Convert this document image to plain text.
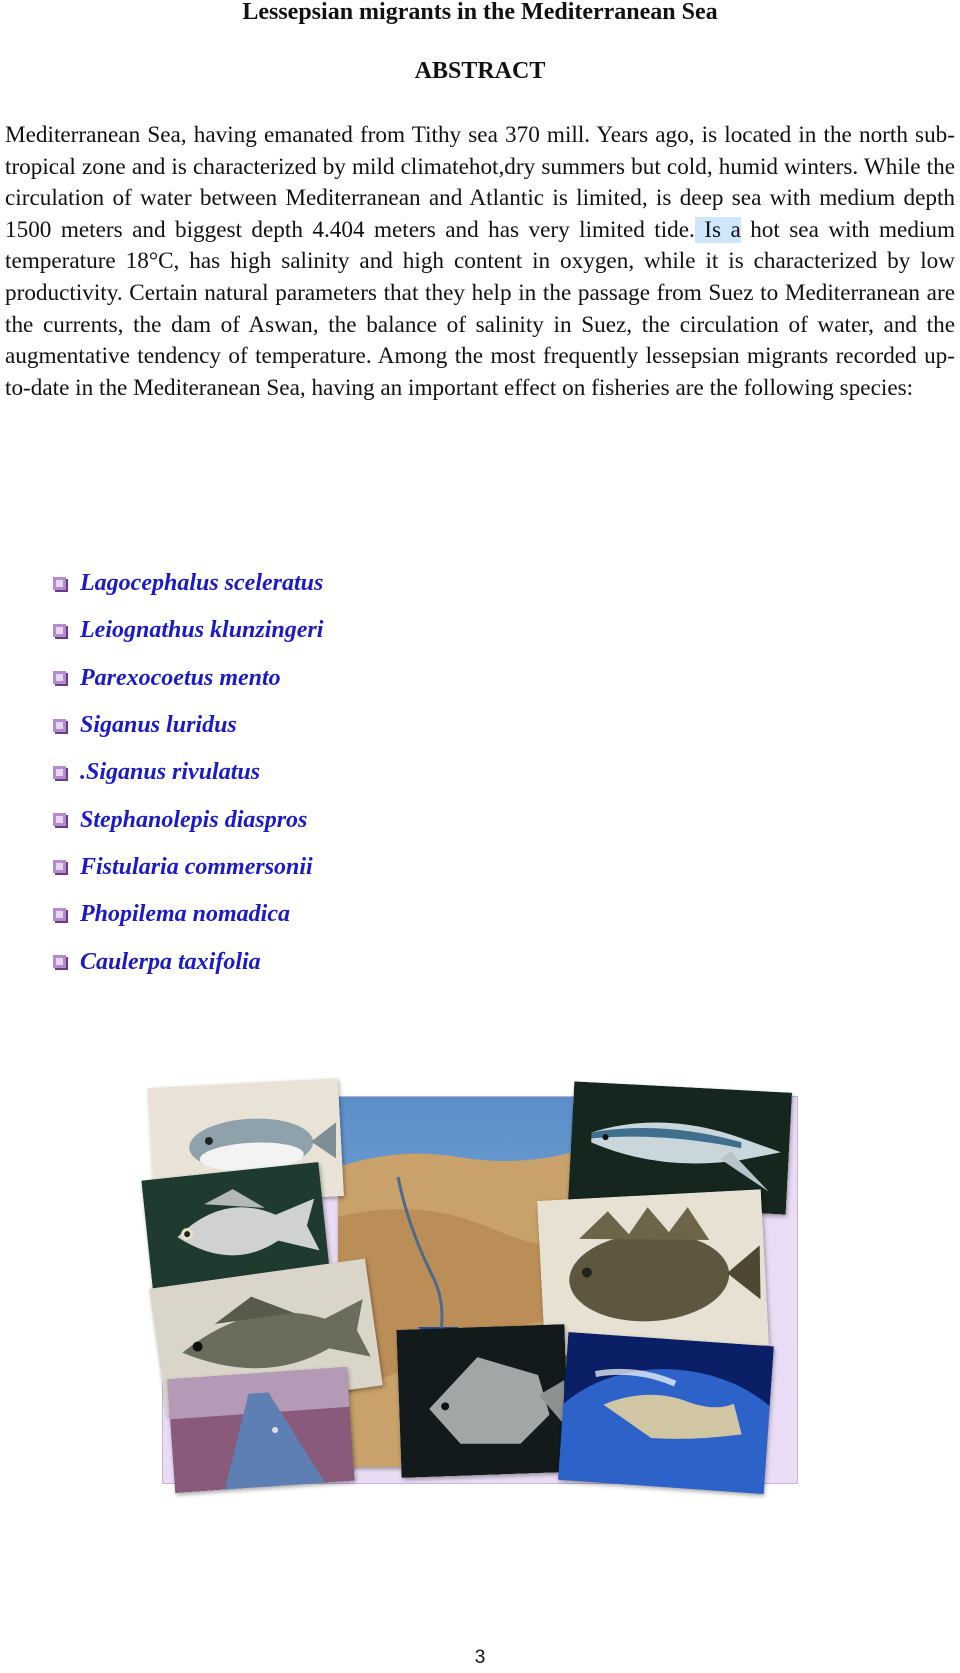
Lessepsian migrants in the Mediterranean Sea
ABSTRACT

Mediterranean Sea, having emanated from Tithy sea 370 mill. Years ago, is located in the north sub-tropical zone and is characterized by mild climatehot,dry summers but cold, humid winters. While the circulation of water between Mediterranean and Atlantic is limited, is deep sea with medium depth 1500 meters and biggest depth 4.404 meters and has very limited tide. Is a hot sea with medium temperature 18°C, has high salinity and high content in oxygen, while it is characterized by low productivity. Certain natural parameters that they help in the passage from Suez to Mediterranean are the currents, the dam of Aswan, the balance of salinity in Suez, the circulation of water, and the augmentative tendency of temperature. Among the most frequently lessepsian migrants recorded up-to-date in the Mediteranean Sea, having an important effect on fisheries are the following species:

Lagocephalus sceleratus
Leiognathus klunzingeri
Parexocoetus mento
Siganus luridus
.Siganus rivulatus
Stephanolepis diaspros
Fistularia commersonii
Phopilema nomadica
Caulerpa taxifolia
3
